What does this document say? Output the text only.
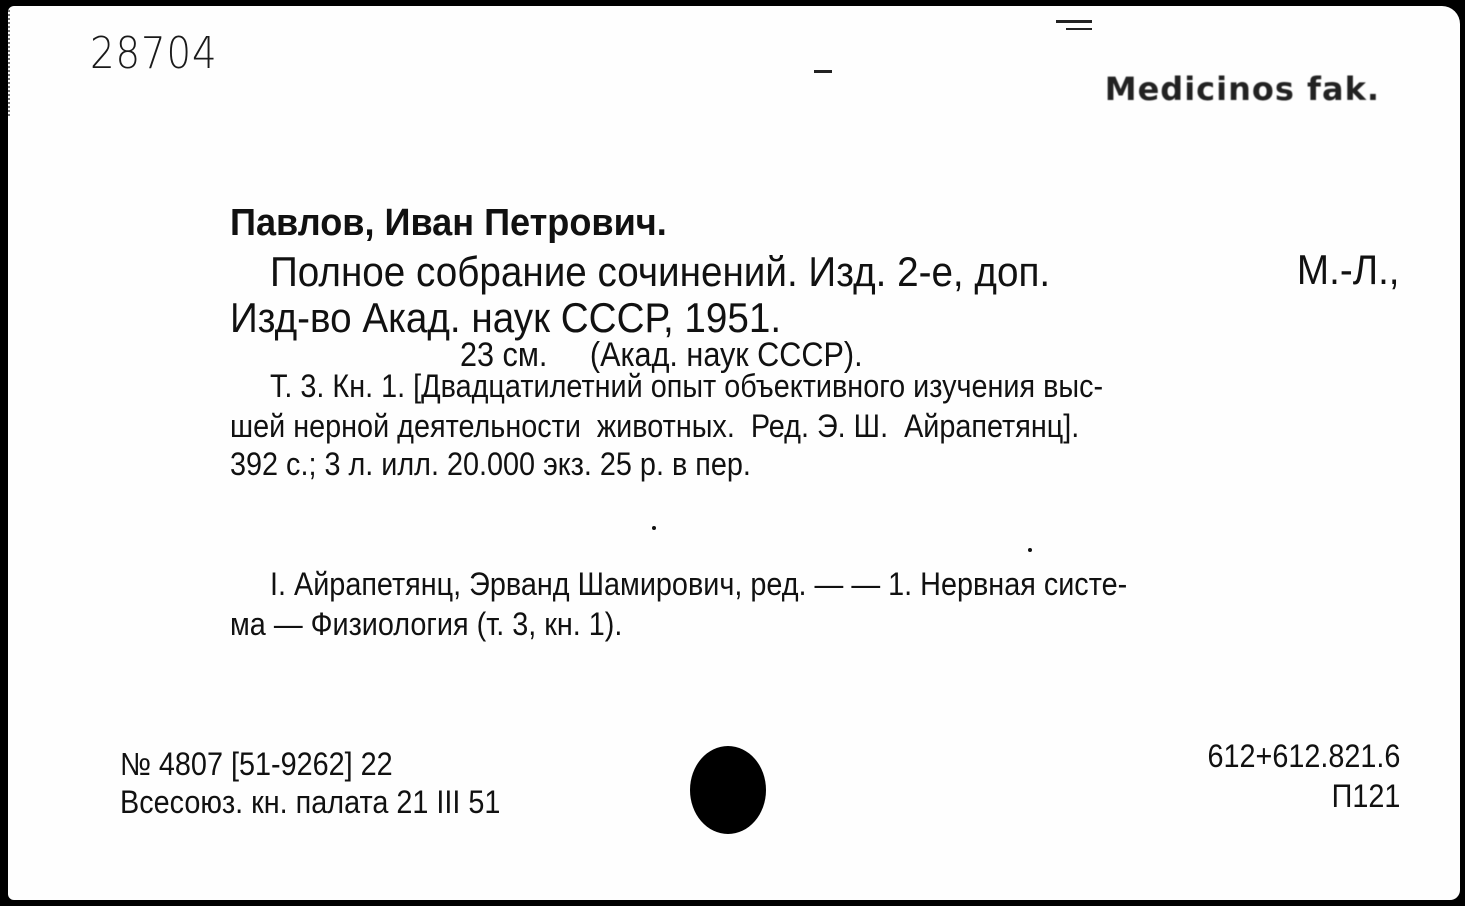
28704
Medicinos fak.
Павлов, Иван Петрович.
Полное собрание сочинений. Изд. 2-е, доп.	М.-Л.,
Изд-во Акад. наук СССР, 1951.
23 см.     (Акад. наук СССР).
Т. 3. Кн. 1. [Двадцатилетний опыт объективного изучения выс-
шей нерной деятельности  животных.  Ред. Э. Ш.  Айрапетянц].
392 с.; 3 л. илл. 20.000 экз. 25 р. в пер.
I. Айрапетянц, Эрванд Шамирович, ред. — — 1. Нервная систе-
ма — Физиология (т. 3, кн. 1).
№ 4807 [51-9262] 22
Всесоюз. кн. палата 21 III 51
612+612.821.6
П121
